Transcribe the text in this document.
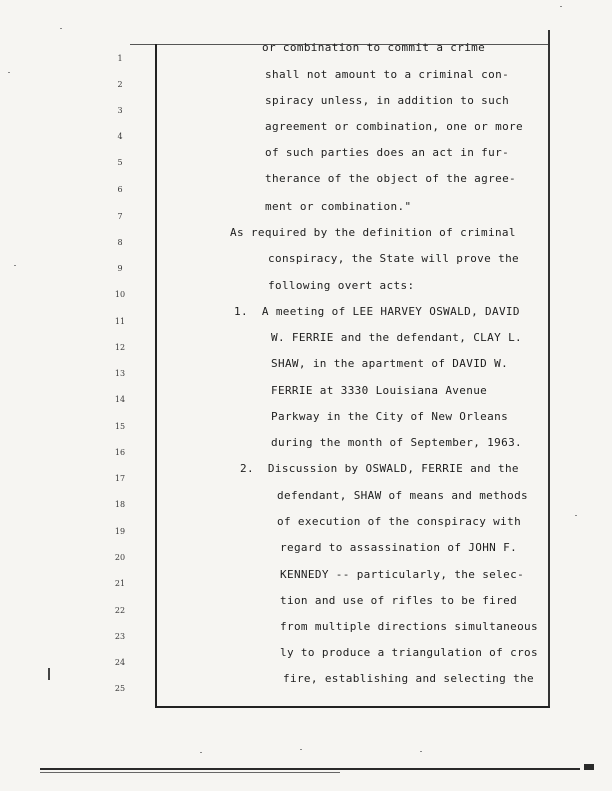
1
2
3
4
5
6
7
8
9
10
11
12
13
14
15
16
17
18
19
20
21
22
23
24
25
or combination to commit a crime
shall not amount to a criminal con-
spiracy unless, in addition to such
agreement or combination, one or more
of such parties does an act in fur-
therance of the object of the agree-
ment or combination."
As required by the definition of criminal
conspiracy, the State will prove the
following overt acts:
1.  A meeting of LEE HARVEY OSWALD, DAVID
W. FERRIE and the defendant, CLAY L.
SHAW, in the apartment of DAVID W.
FERRIE at 3330 Louisiana Avenue
Parkway in the City of New Orleans
during the month of September, 1963.
2.  Discussion by OSWALD, FERRIE and the
defendant, SHAW of means and methods
of execution of the conspiracy with
regard to assassination of JOHN F.
KENNEDY -- particularly, the selec-
tion and use of rifles to be fired
from multiple directions simultaneous
ly to produce a triangulation of cros
fire, establishing and selecting the
